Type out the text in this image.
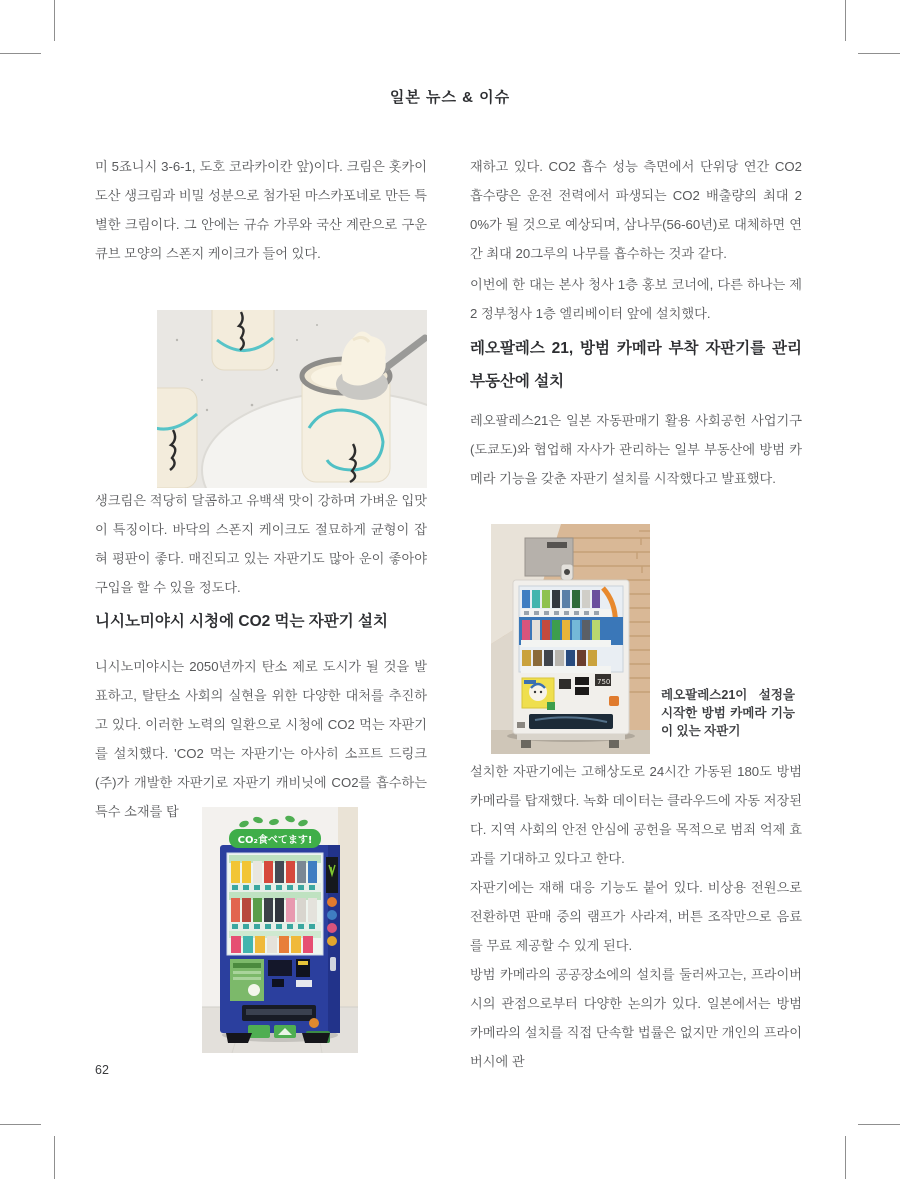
일본 뉴스 & 이슈

미 5죠니시 3-6-1, 도호 코라카이칸 앞)이다. 크림은 홋카이도산 생크림과 비밀 성분으로 첨가된 마스카포네로 만든 특별한 크림이다. 그 안에는 규슈 가루와 국산 계란으로 구운 큐브 모양의 스폰지 케이크가 들어 있다.

생크림은 적당히 달콤하고 유백색 맛이 강하며 가벼운 입맛이 특징이다. 바닥의 스폰지 케이크도 절묘하게 균형이 잡혀 평판이 좋다. 매진되고 있는 자판기도 많아 운이 좋아야 구입을 할 수 있을 정도다.

니시노미야시 시청에 CO2 먹는 자판기 설치

니시노미야시는 2050년까지 탄소 제로 도시가 될 것을 발표하고, 탈탄소 사회의 실현을 위한 다양한 대처를 추진하고 있다. 이러한 노력의 일환으로 시청에 CO2 먹는 자판기를 설치했다. 'CO2 먹는 자판기'는 아사히 소프트 드링크(주)가 개발한 자판기로 자판기 캐비닛에 CO2를 흡수하는 특수 소재를 탑

CO₂食べてます!

재하고 있다. CO2 흡수 성능 측면에서 단위당 연간 CO2 흡수량은 운전 전력에서 파생되는 CO2 배출량의 최대 20%가 될 것으로 예상되며, 삼나무(56-60년)로 대체하면 연간 최대 20그루의 나무를 흡수하는 것과 같다.

이번에 한 대는 본사 청사 1층 홍보 코너에, 다른 하나는 제2 정부청사 1층 엘리베이터 앞에 설치했다.

레오팔레스 21, 방범 카메라 부착 자판기를 관리 부동산에 설치

레오팔레스21은 일본 자동판매기 활용 사회공헌 사업기구(도쿄도)와 협업해 자사가 관리하는 일부 부동산에 방범 카메라 기능을 갖춘 자판기 설치를 시작했다고 발표했다.

750

레오팔레스21이 설정을 시작한 방범 카메라 기능이 있는 자판기

설치한 자판기에는 고해상도로 24시간 가동된 180도 방범 카메라를 탑재했다. 녹화 데이터는 클라우드에 자동 저장된다. 지역 사회의 안전 안심에 공헌을 목적으로 범죄 억제 효과를 기대하고 있다고 한다.

자판기에는 재해 대응 기능도 붙어 있다. 비상용 전원으로 전환하면 판매 중의 램프가 사라져, 버튼 조작만으로 음료를 무료 제공할 수 있게 된다.

방범 카메라의 공공장소에의 설치를 둘러싸고는, 프라이버시의 관점으로부터 다양한 논의가 있다. 일본에서는 방범 카메라의 설치를 직접 단속할 법률은 없지만 개인의 프라이버시에 관

62
